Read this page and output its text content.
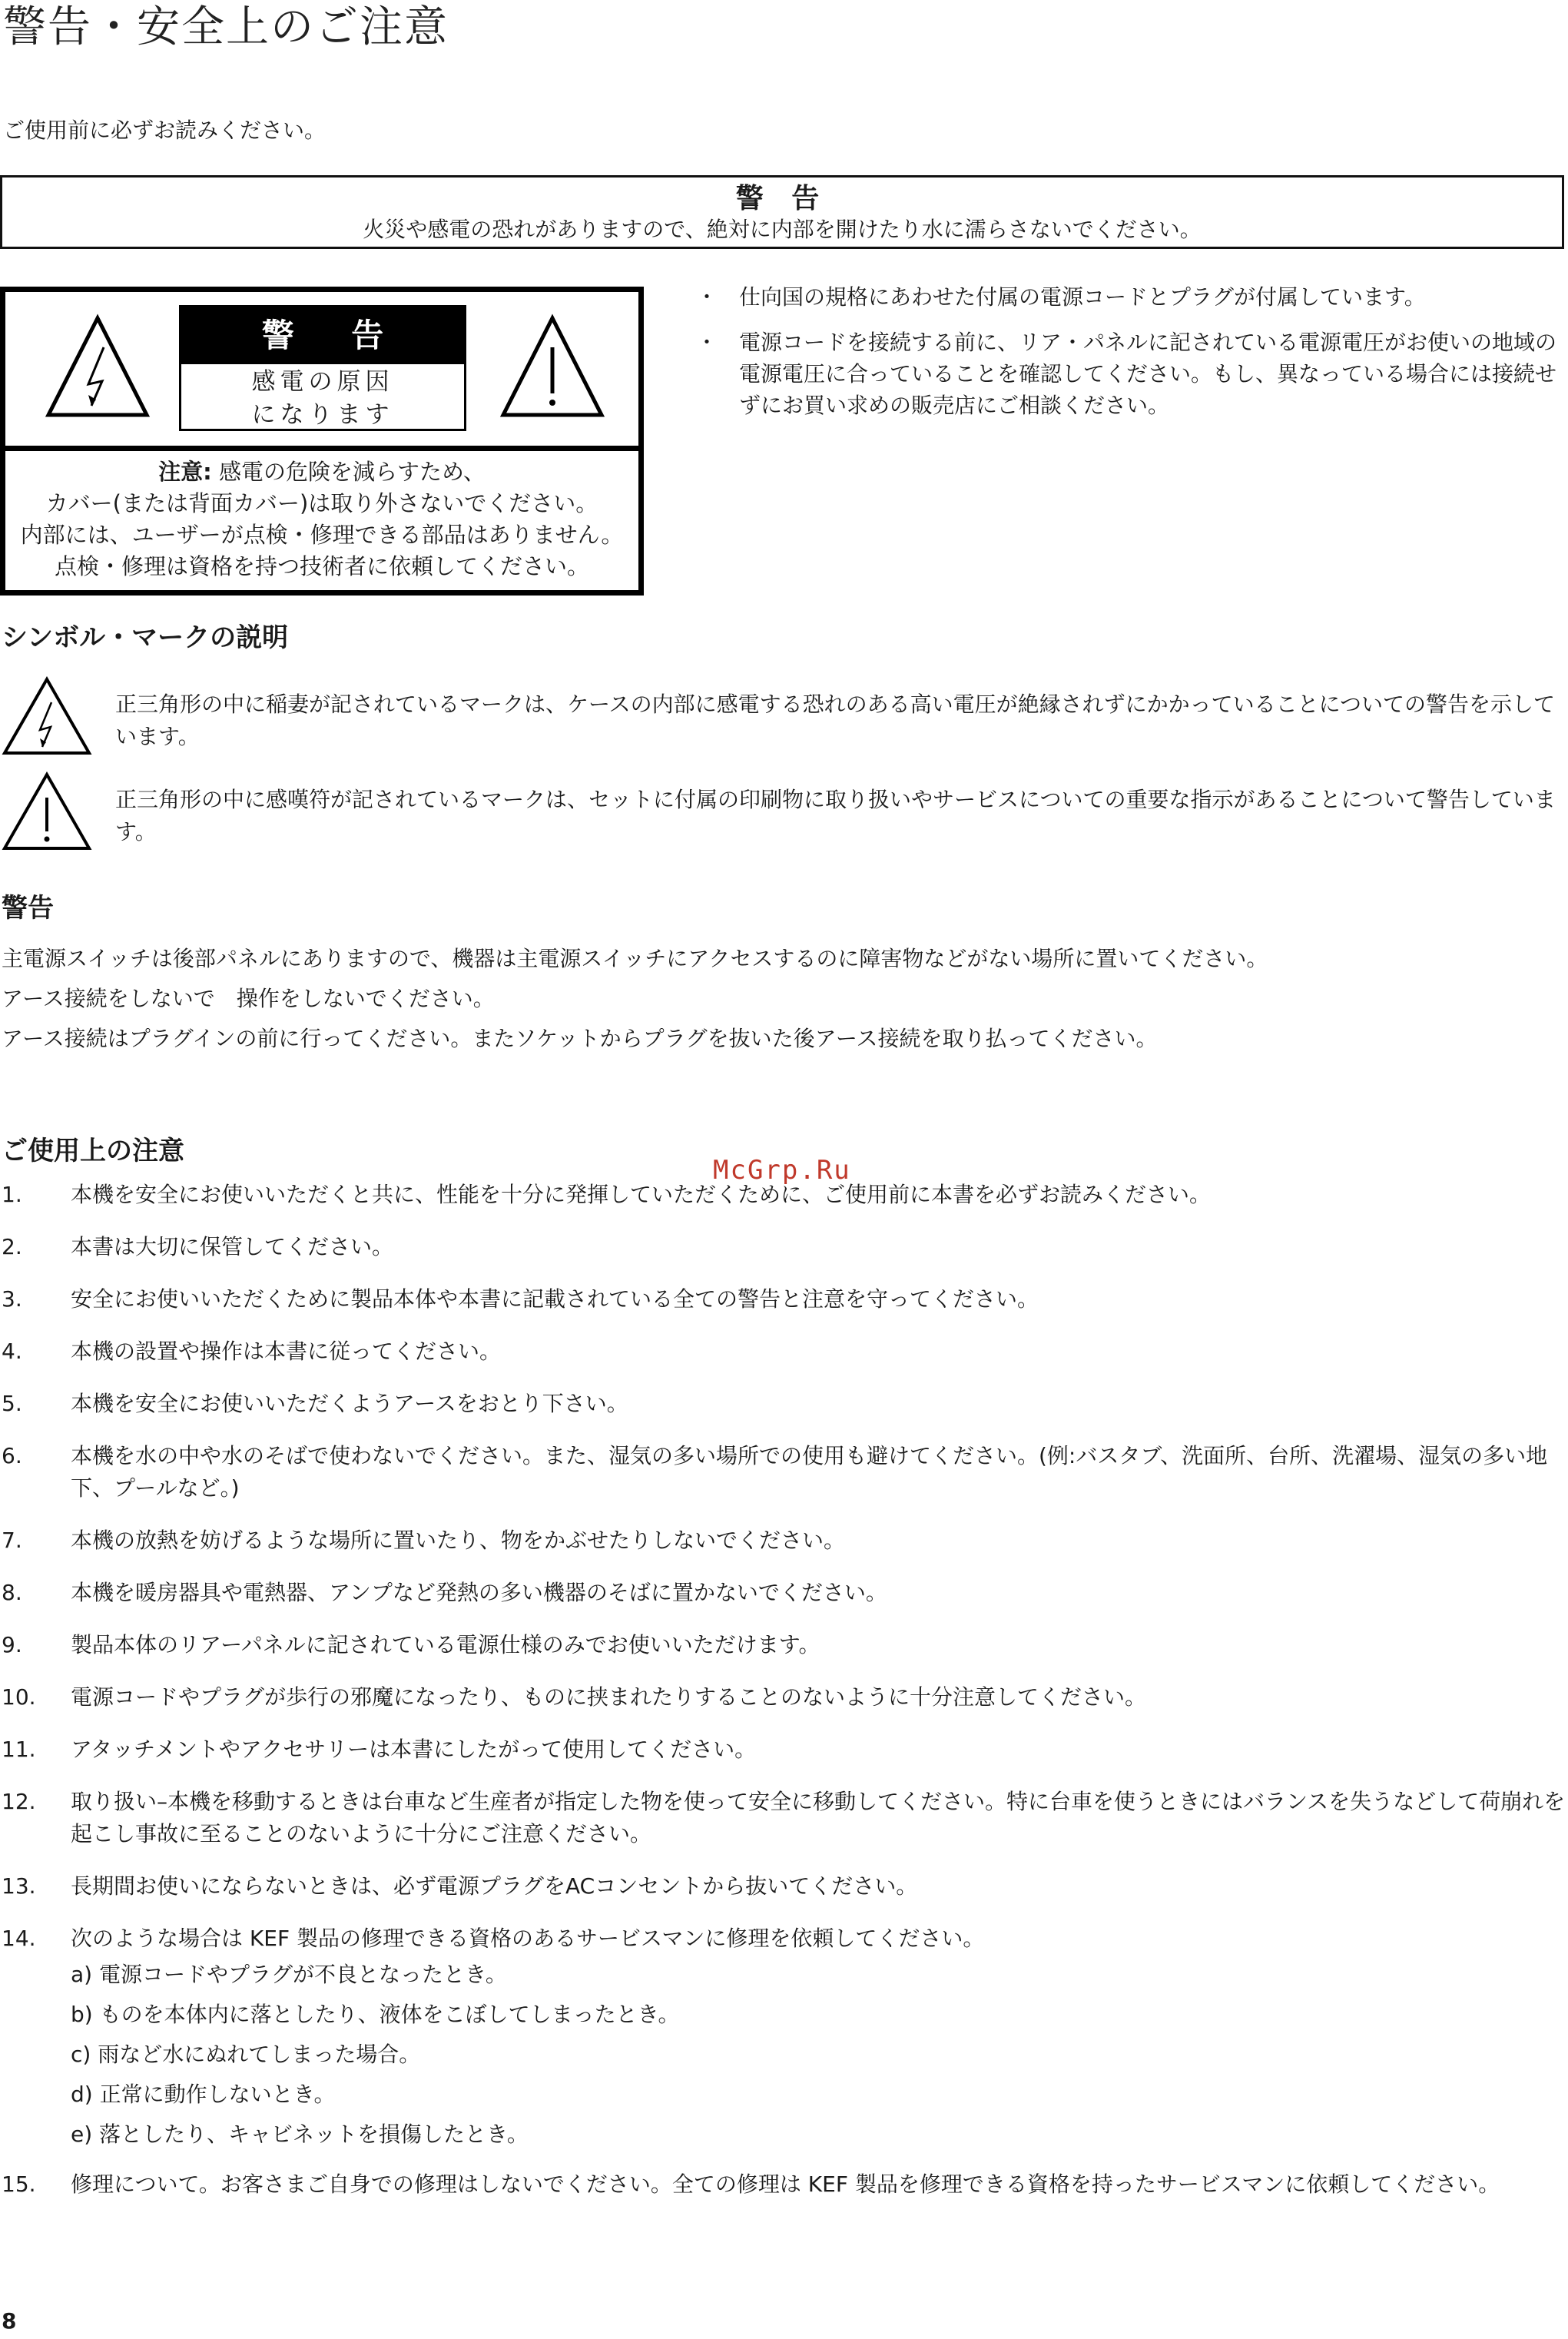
警告・安全上のご注意
ご使用前に必ずお読みください。
警 告
火災や感電の恐れがありますので、絶対に内部を開けたり水に濡らさないでください。
警 告
感電の原因
になります
注意: 感電の危険を減らすため、
カバー(または背面カバー)は取り外さないでください。
内部には、ユーザーが点検・修理できる部品はありません。
点検・修理は資格を持つ技術者に依頼してください。
・ 仕向国の規格にあわせた付属の電源コードとプラグが付属しています。
・ 電源コードを接続する前に、リア・パネルに記されている電源電圧がお使いの地域の電源電圧に合っていることを確認してください。もし、異なっている場合には接続せずにお買い求めの販売店にご相談ください。
シンボル・マークの説明
正三角形の中に稲妻が記されているマークは、ケースの内部に感電する恐れのある高い電圧が絶縁されずにかかっていることについての警告を示しています。
正三角形の中に感嘆符が記されているマークは、セットに付属の印刷物に取り扱いやサービスについての重要な指示があることについて警告しています。
警告
主電源スイッチは後部パネルにありますので、機器は主電源スイッチにアクセスするのに障害物などがない場所に置いてください。
アース接続をしないで　操作をしないでください。
アース接続はプラグインの前に行ってください。またソケットからプラグを抜いた後アース接続を取り払ってください。
ご使用上の注意
McGrp.Ru
1. 本機を安全にお使いいただくと共に、性能を十分に発揮していただくために、ご使用前に本書を必ずお読みください。
2. 本書は大切に保管してください。
3. 安全にお使いいただくために製品本体や本書に記載されている全ての警告と注意を守ってください。
4. 本機の設置や操作は本書に従ってください。
5. 本機を安全にお使いいただくようアースをおとり下さい。
6. 本機を水の中や水のそばで使わないでください。また、湿気の多い場所での使用も避けてください。(例:バスタブ、洗面所、台所、洗濯場、湿気の多い地下、プールなど。)
7. 本機の放熱を妨げるような場所に置いたり、物をかぶせたりしないでください。
8. 本機を暖房器具や電熱器、アンプなど発熱の多い機器のそばに置かないでください。
9. 製品本体のリアーパネルに記されている電源仕様のみでお使いいただけます。
10. 電源コードやプラグが歩行の邪魔になったり、ものに挟まれたりすることのないように十分注意してください。
11. アタッチメントやアクセサリーは本書にしたがって使用してください。
12. 取り扱い–本機を移動するときは台車など生産者が指定した物を使って安全に移動してください。特に台車を使うときにはバランスを失うなどして荷崩れを起こし事故に至ることのないように十分にご注意ください。
13. 長期間お使いにならないときは、必ず電源プラグをACコンセントから抜いてください。
14. 次のような場合は KEF 製品の修理できる資格のあるサービスマンに修理を依頼してください。
a) 電源コードやプラグが不良となったとき。
b) ものを本体内に落としたり、液体をこぼしてしまったとき。
c) 雨など水にぬれてしまった場合。
d) 正常に動作しないとき。
e) 落としたり、キャビネットを損傷したとき。
15. 修理について。お客さまご自身での修理はしないでください。全ての修理は KEF 製品を修理できる資格を持ったサービスマンに依頼してください。
8
